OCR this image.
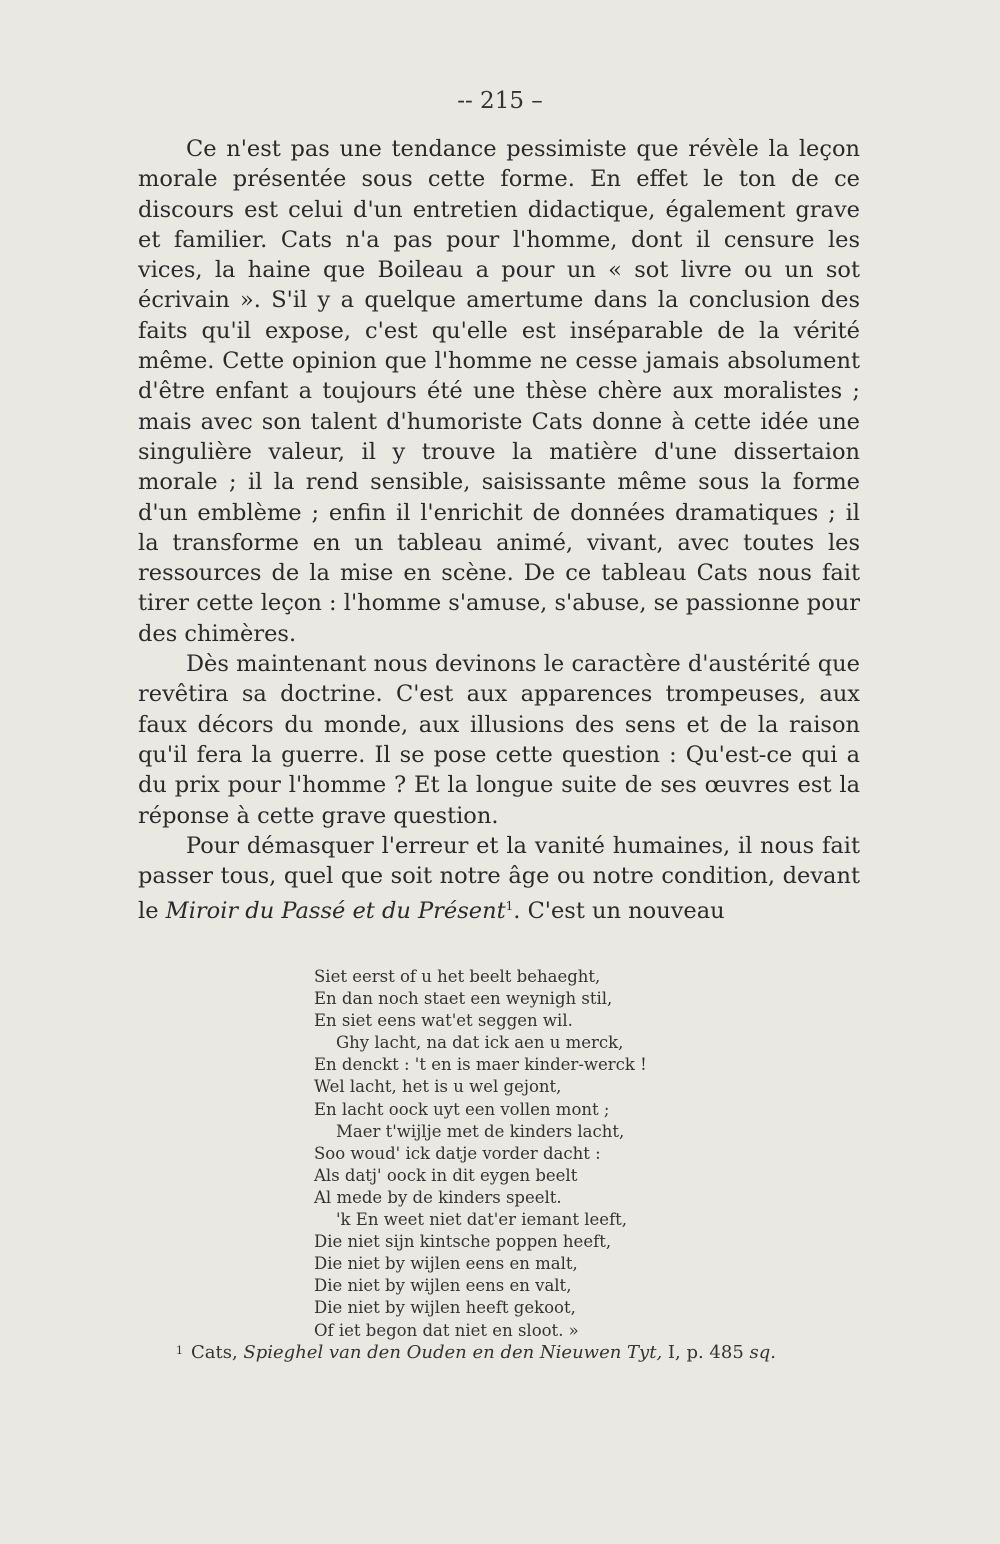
-- 215 –

Ce n'est pas une tendance pessimiste que révèle la leçon morale présentée sous cette forme. En effet le ton de ce discours est celui d'un entretien didactique, également grave et familier. Cats n'a pas pour l'homme, dont il censure les vices, la haine que Boileau a pour un « sot livre ou un sot écrivain ». S'il y a quelque amertume dans la conclusion des faits qu'il expose, c'est qu'elle est inséparable de la vérité même. Cette opinion que l'homme ne cesse jamais absolument d'être enfant a toujours été une thèse chère aux moralistes ; mais avec son talent d'humoriste Cats donne à cette idée une singulière valeur, il y trouve la matière d'une dissertaion morale ; il la rend sensible, saisissante même sous la forme d'un emblème ; enfin il l'enrichit de données dramatiques ; il la transforme en un tableau animé, vivant, avec toutes les ressources de la mise en scène. De ce tableau Cats nous fait tirer cette leçon : l'homme s'amuse, s'abuse, se passionne pour des chimères.

Dès maintenant nous devinons le caractère d'austérité que revêtira sa doctrine. C'est aux apparences trompeuses, aux faux décors du monde, aux illusions des sens et de la raison qu'il fera la guerre. Il se pose cette question : Qu'est-ce qui a du prix pour l'homme ? Et la longue suite de ses œuvres est la réponse à cette grave question.

Pour démasquer l'erreur et la vanité humaines, il nous fait passer tous, quel que soit notre âge ou notre condition, devant le Miroir du Passé et du Présent$^1$. C'est un nouveau

Siet eerst of u het beelt behaeght,
En dan noch staet een weynigh stil,
En siet eens wat'et seggen wil.
Ghy lacht, na dat ick aen u merck,
En denckt : 't en is maer kinder-werck !
Wel lacht, het is u wel gejont,
En lacht oock uyt een vollen mont ;
Maer t'wijlje met de kinders lacht,
Soo woud' ick datje vorder dacht :
Als datj' oock in dit eygen beelt
Al mede by de kinders speelt.
'k En weet niet dat'er iemant leeft,
Die niet sijn kintsche poppen heeft,
Die niet by wijlen eens en malt,
Die niet by wijlen eens en valt,
Die niet by wijlen heeft gekoot,
Of iet begon dat niet en sloot. »
$^1$ Cats, Spieghel van den Ouden en den Nieuwen Tyt, I, p. 485 sq.
